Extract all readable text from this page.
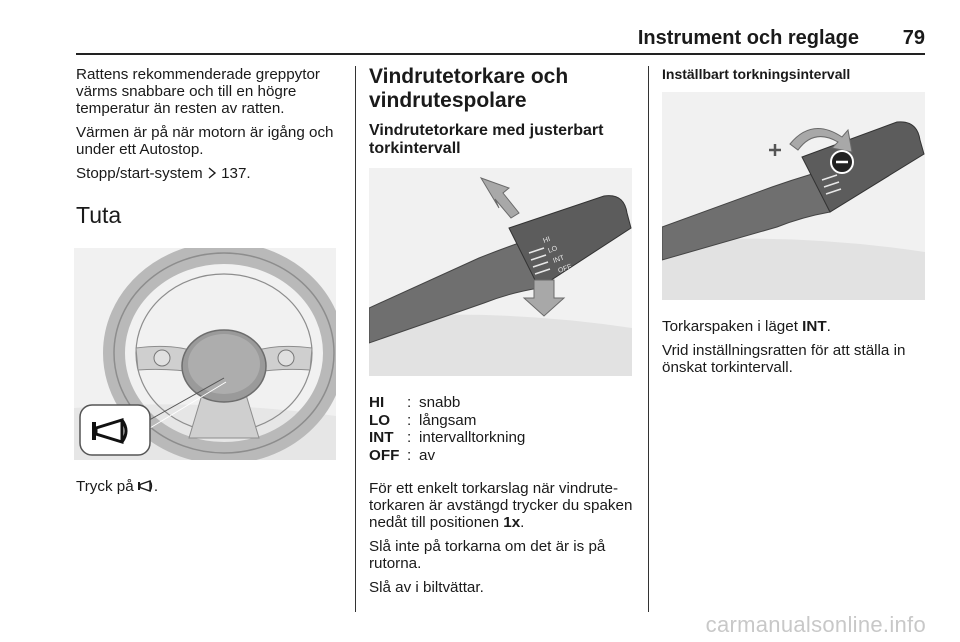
Instrument och reglage 79

Rattens rekommenderade greppytor värms snabbare och till en högre temperatur än resten av ratten.

Värmen är på när motorn är igång och under ett Autostop.

Stopp/start-system 137.

Tuta

Tryck på .

Vindrutetorkare och vindrutespolare
Vindrutetorkare med justerbart torkintervall
HI
LO
INT
OFF
HI	: snabb
LO	: långsam
INT : intervalltorkning
OFF : av

För ett enkelt torkarslag när vindrutetorkaren är avstängd trycker du spaken nedåt till positionen 1x.

Slå inte på torkarna om det är is på rutorna.

Slå av i biltvättar.

Inställbart torkningsintervall

Torkarspaken i läget INT.

Vrid inställningsratten för att ställa in önskat torkintervall.

carmanualsonline.info
